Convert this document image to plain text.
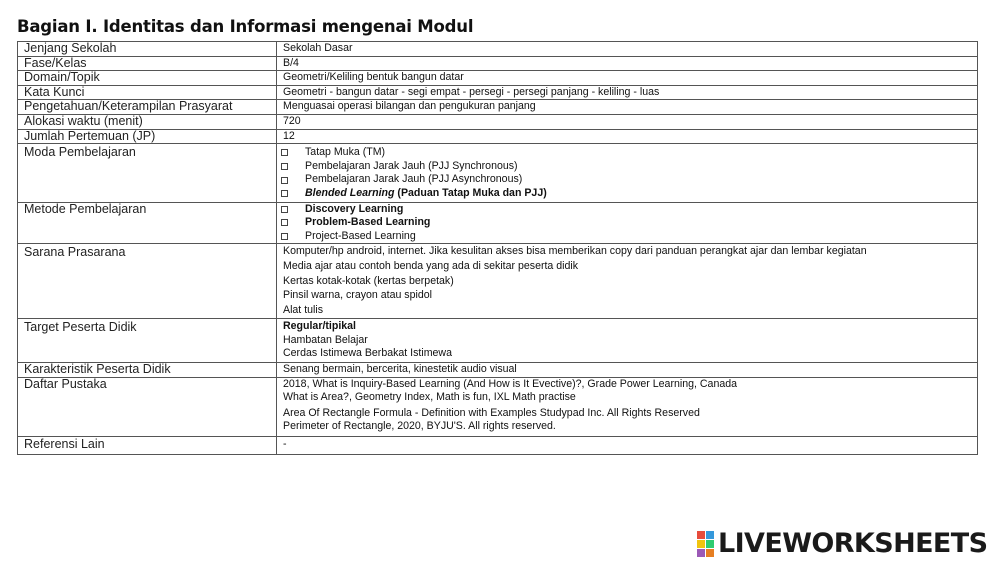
Bagian I. Identitas dan Informasi mengenai Modul
Jenjang Sekolah	Sekolah Dasar
Fase/Kelas	B/4
Domain/Topik	Geometri/Keliling bentuk bangun datar
Kata Kunci	Geometri - bangun datar - segi empat - persegi - persegi panjang - keliling - luas
Pengetahuan/Keterampilan Prasyarat	Menguasai operasi bilangan dan pengukuran panjang
Alokasi waktu (menit)	720
Jumlah Pertemuan (JP)	12
Moda Pembelajaran	Tatap Muka (TM)
Pembelajaran Jarak Jauh (PJJ Synchronous)
Pembelajaran Jarak Jauh (PJJ Asynchronous)
Blended Learning (Paduan Tatap Muka dan PJJ)

Metode Pembelajaran	Discovery Learning
Problem-Based Learning
Project-Based Learning

Sarana Prasarana	Komputer/hp android, internet. Jika kesulitan akses bisa memberikan copy dari panduan perangkat ajar dan lembar kegiatan
Media ajar atau contoh benda yang ada di sekitar peserta didik
Kertas kotak-kotak (kertas berpetak)
Pinsil warna, crayon atau spidol
Alat tulis

Target Peserta Didik	Regular/tipikal
Hambatan Belajar
Cerdas Istimewa Berbakat Istimewa

Karakteristik Peserta Didik	Senang bermain, bercerita, kinestetik audio visual
Daftar Pustaka	2018, What is Inquiry-Based Learning (And How is It Evective)?, Grade Power Learning, Canada
What is Area?, Geometry Index, Math is fun, IXL Math practise
Area Of Rectangle Formula - Definition with Examples Studypad Inc. All Rights Reserved
Perimeter of Rectangle, 2020, BYJU'S. All rights reserved.

Referensi Lain	-
LIVEWORKSHEETS
